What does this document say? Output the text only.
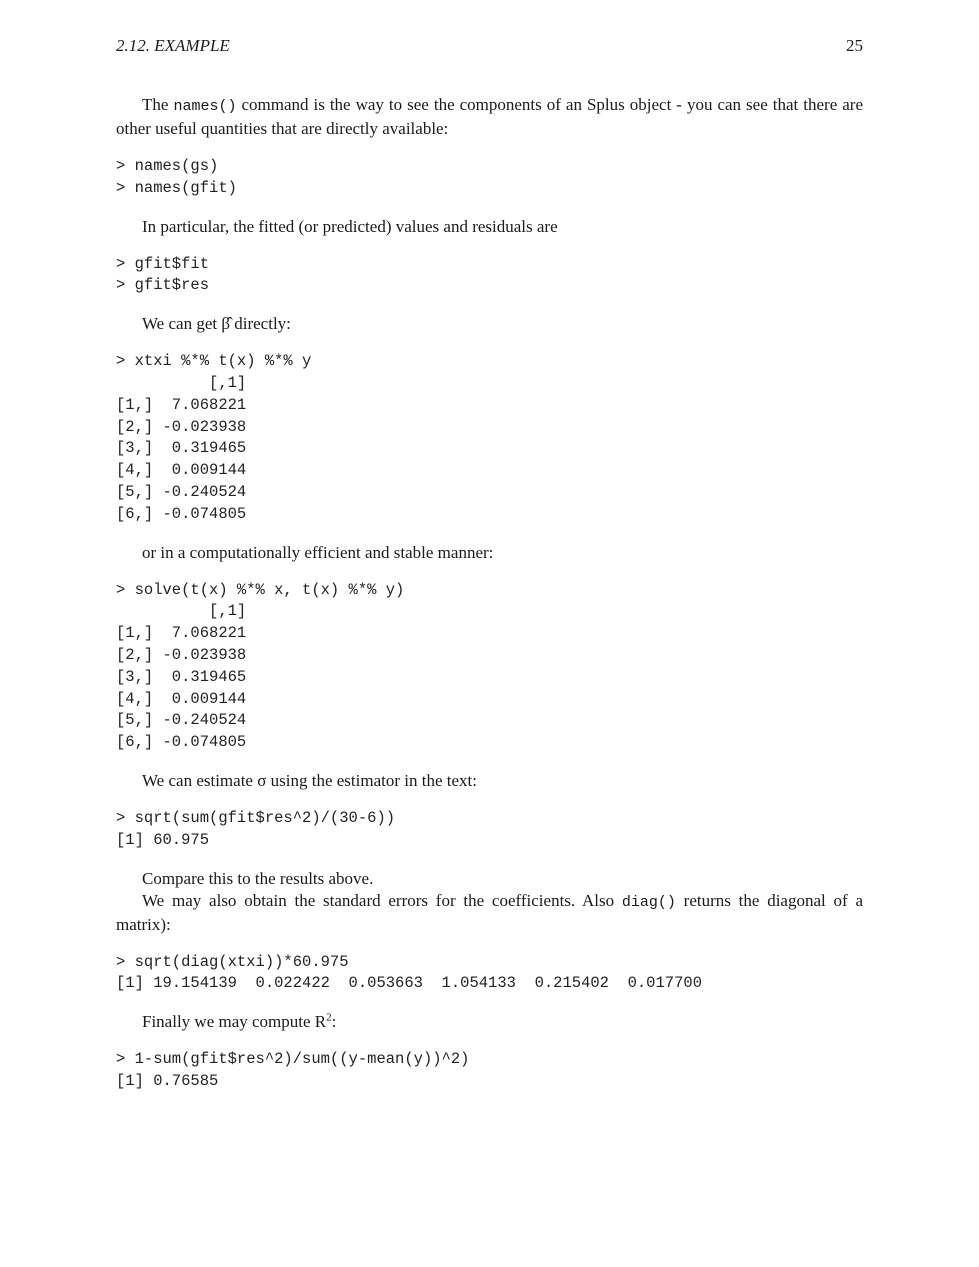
2.12. EXAMPLE	25

The names() command is the way to see the components of an Splus object - you can see that there are other useful quantities that are directly available:

> names(gs)
> names(gfit)

In particular, the fitted (or predicted) values and residuals are

> gfit$fit
> gfit$res

We can get β̂ directly:

> xtxi %*% t(x) %*% y
[,1]
[1,]  7.068221
[2,] -0.023938
[3,]  0.319465
[4,]  0.009144
[5,] -0.240524
[6,] -0.074805

or in a computationally efficient and stable manner:

> solve(t(x) %*% x, t(x) %*% y)
[,1]
[1,]  7.068221
[2,] -0.023938
[3,]  0.319465
[4,]  0.009144
[5,] -0.240524
[6,] -0.074805

We can estimate σ using the estimator in the text:

> sqrt(sum(gfit$res^2)/(30-6))
[1] 60.975

Compare this to the results above.

We may also obtain the standard errors for the coefficients. Also diag() returns the diagonal of a matrix):

> sqrt(diag(xtxi))*60.975
[1] 19.154139  0.022422  0.053663  1.054133  0.215402  0.017700

Finally we may compute $R^2$:

> 1-sum(gfit$res^2)/sum((y-mean(y))^2)
[1] 0.76585
